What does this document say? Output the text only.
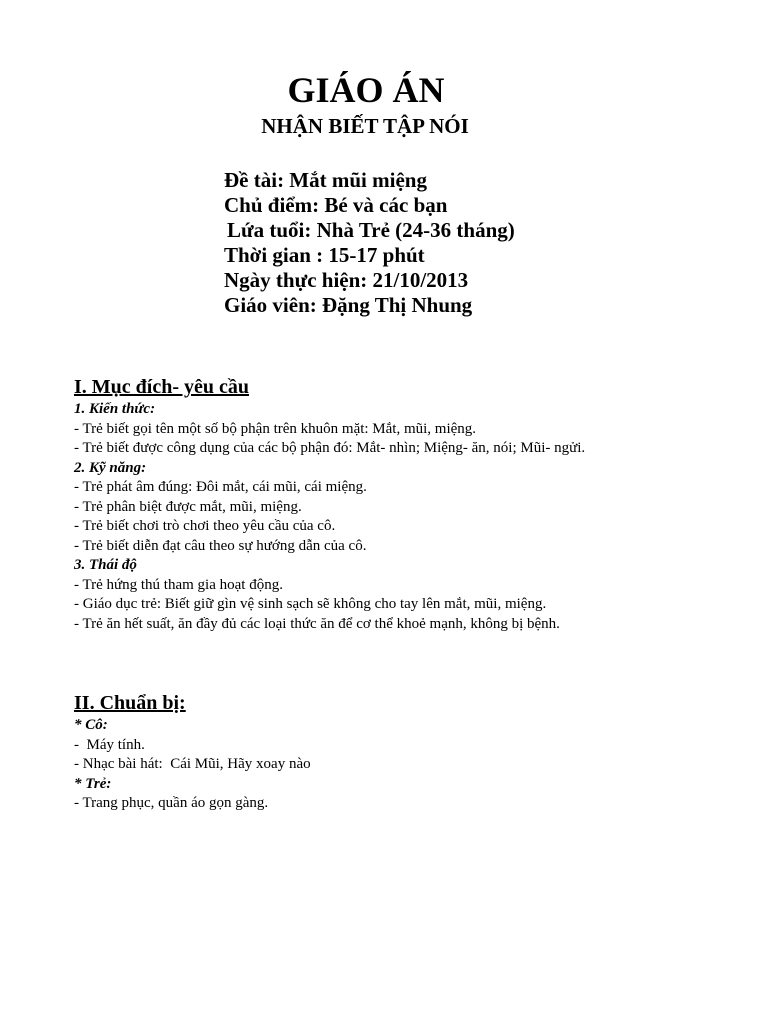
GIÁO ÁN
NHẬN BIẾT TẬP NÓI
Đề tài: Mắt mũi miệng
Chủ điểm: Bé và các bạn
Lứa tuổi: Nhà Trẻ (24-36 tháng)
Thời gian : 15-17 phút
Ngày thực hiện: 21/10/2013
Giáo viên: Đặng Thị Nhung
I. Mục đích- yêu cầu
1. Kiến thức:

- Trẻ biết gọi tên một số bộ phận trên khuôn mặt: Mắt, mũi, miệng.

- Trẻ biết được công dụng của các bộ phận đó: Mắt- nhìn; Miệng- ăn, nói; Mũi- ngửi.

2. Kỹ năng:

- Trẻ phát âm đúng: Đôi mắt, cái mũi, cái miệng.

- Trẻ phân biệt được mắt, mũi, miệng.

- Trẻ biết chơi trò chơi theo yêu cầu của cô.

- Trẻ biết diễn đạt câu theo sự hướng dẫn của cô.

3. Thái độ

- Trẻ hứng thú tham gia hoạt động.

- Giáo dục trẻ: Biết giữ gìn vệ sinh sạch sẽ không cho tay lên mắt, mũi, miệng.

- Trẻ ăn hết suất, ăn đầy đủ các loại thức ăn để cơ thể khoẻ mạnh, không bị bệnh.

II. Chuẩn bị:
* Cô:

-  Máy tính.

- Nhạc bài hát:  Cái Mũi, Hãy xoay nào

* Trẻ:

- Trang phục, quần áo gọn gàng.
